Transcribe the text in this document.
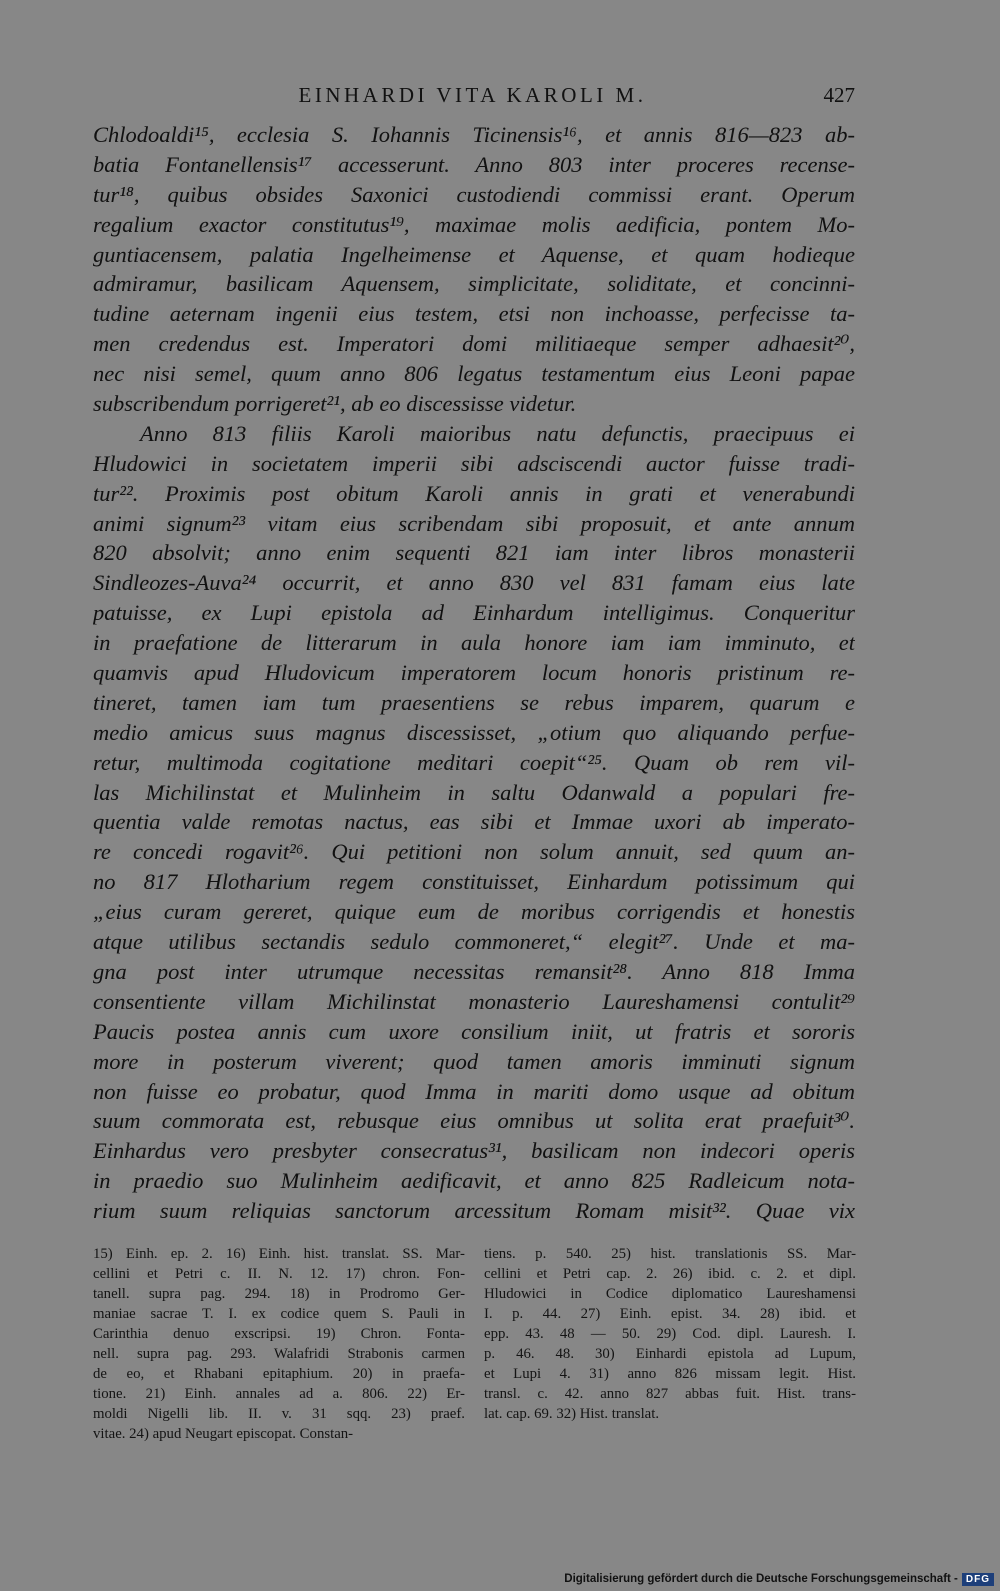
EINHARDI VITA KAROLI M.	427
Chlodoaldi¹⁵, ecclesia S. Iohannis Ticinensis¹⁶, et annis 816—823 ab-
batia Fontanellensis¹⁷ accesserunt. Anno 803 inter proceres recense-
tur¹⁸, quibus obsides Saxonici custodiendi commissi erant. Operum
regalium exactor constitutus¹⁹, maximae molis aedificia, pontem Mo-
guntiacensem, palatia Ingelheimense et Aquense, et quam hodieque
admiramur, basilicam Aquensem, simplicitate, soliditate, et concinni-
tudine aeternam ingenii eius testem, etsi non inchoasse, perfecisse ta-
men credendus est. Imperatori domi militiaeque semper adhaesit²⁰,
nec nisi semel, quum anno 806 legatus testamentum eius Leoni papae
subscribendum porrigeret²¹, ab eo discessisse videtur.
Anno 813 filiis Karoli maioribus natu defunctis, praecipuus ei
Hludowici in societatem imperii sibi adsciscendi auctor fuisse tradi-
tur²². Proximis post obitum Karoli annis in grati et venerabundi
animi signum²³ vitam eius scribendam sibi proposuit, et ante annum
820 absolvit; anno enim sequenti 821 iam inter libros monasterii
Sindleozes-Auva²⁴ occurrit, et anno 830 vel 831 famam eius late
patuisse, ex Lupi epistola ad Einhardum intelligimus. Conqueritur
in praefatione de litterarum in aula honore iam iam imminuto, et
quamvis apud Hludovicum imperatorem locum honoris pristinum re-
tineret, tamen iam tum praesentiens se rebus imparem, quarum e
medio amicus suus magnus discessisset, „otium quo aliquando perfue-
retur, multimoda cogitatione meditari coepit“²⁵. Quam ob rem vil-
las Michilinstat et Mulinheim in saltu Odanwald a populari fre-
quentia valde remotas nactus, eas sibi et Immae uxori ab imperato-
re concedi rogavit²⁶. Qui petitioni non solum annuit, sed quum an-
no 817 Hlotharium regem constituisset, Einhardum potissimum qui
„eius curam gereret, quique eum de moribus corrigendis et honestis
atque utilibus sectandis sedulo commoneret,“ elegit²⁷. Unde et ma-
gna post inter utrumque necessitas remansit²⁸. Anno 818 Imma
consentiente villam Michilinstat monasterio Laureshamensi contulit²⁹
Paucis postea annis cum uxore consilium iniit, ut fratris et sororis
more in posterum viverent; quod tamen amoris imminuti signum
non fuisse eo probatur, quod Imma in mariti domo usque ad obitum
suum commorata est, rebusque eius omnibus ut solita erat praefuit³⁰.
Einhardus vero presbyter consecratus³¹, basilicam non indecori operis
in praedio suo Mulinheim aedificavit, et anno 825 Radleicum nota-
rium suum reliquias sanctorum arcessitum Romam misit³². Quae vix
15) Einh. ep. 2. 16) Einh. hist. translat. SS. Mar-
cellini et Petri c. II. N. 12. 17) chron. Fon-
tanell. supra pag. 294. 18) in Prodromo Ger-
maniae sacrae T. I. ex codice quem S. Pauli in
Carinthia denuo exscripsi. 19) Chron. Fonta-
nell. supra pag. 293. Walafridi Strabonis carmen
de eo, et Rhabani epitaphium. 20) in praefa-
tione. 21) Einh. annales ad a. 806. 22) Er-
moldi Nigelli lib. II. v. 31 sqq. 23) praef.
vitae. 24) apud Neugart episcopat. Constan-
tiens. p. 540. 25) hist. translationis SS. Mar-
cellini et Petri cap. 2. 26) ibid. c. 2. et dipl.
Hludowici in Codice diplomatico Laureshamensi
I. p. 44. 27) Einh. epist. 34. 28) ibid. et
epp. 43. 48 — 50. 29) Cod. dipl. Lauresh. I.
p. 46. 48. 30) Einhardi epistola ad Lupum,
et Lupi 4. 31) anno 826 missam legit. Hist.
transl. c. 42. anno 827 abbas fuit. Hist. trans-
lat. cap. 69. 32) Hist. translat.
Digitalisierung gefördert durch die Deutsche Forschungsgemeinschaft - DFG
